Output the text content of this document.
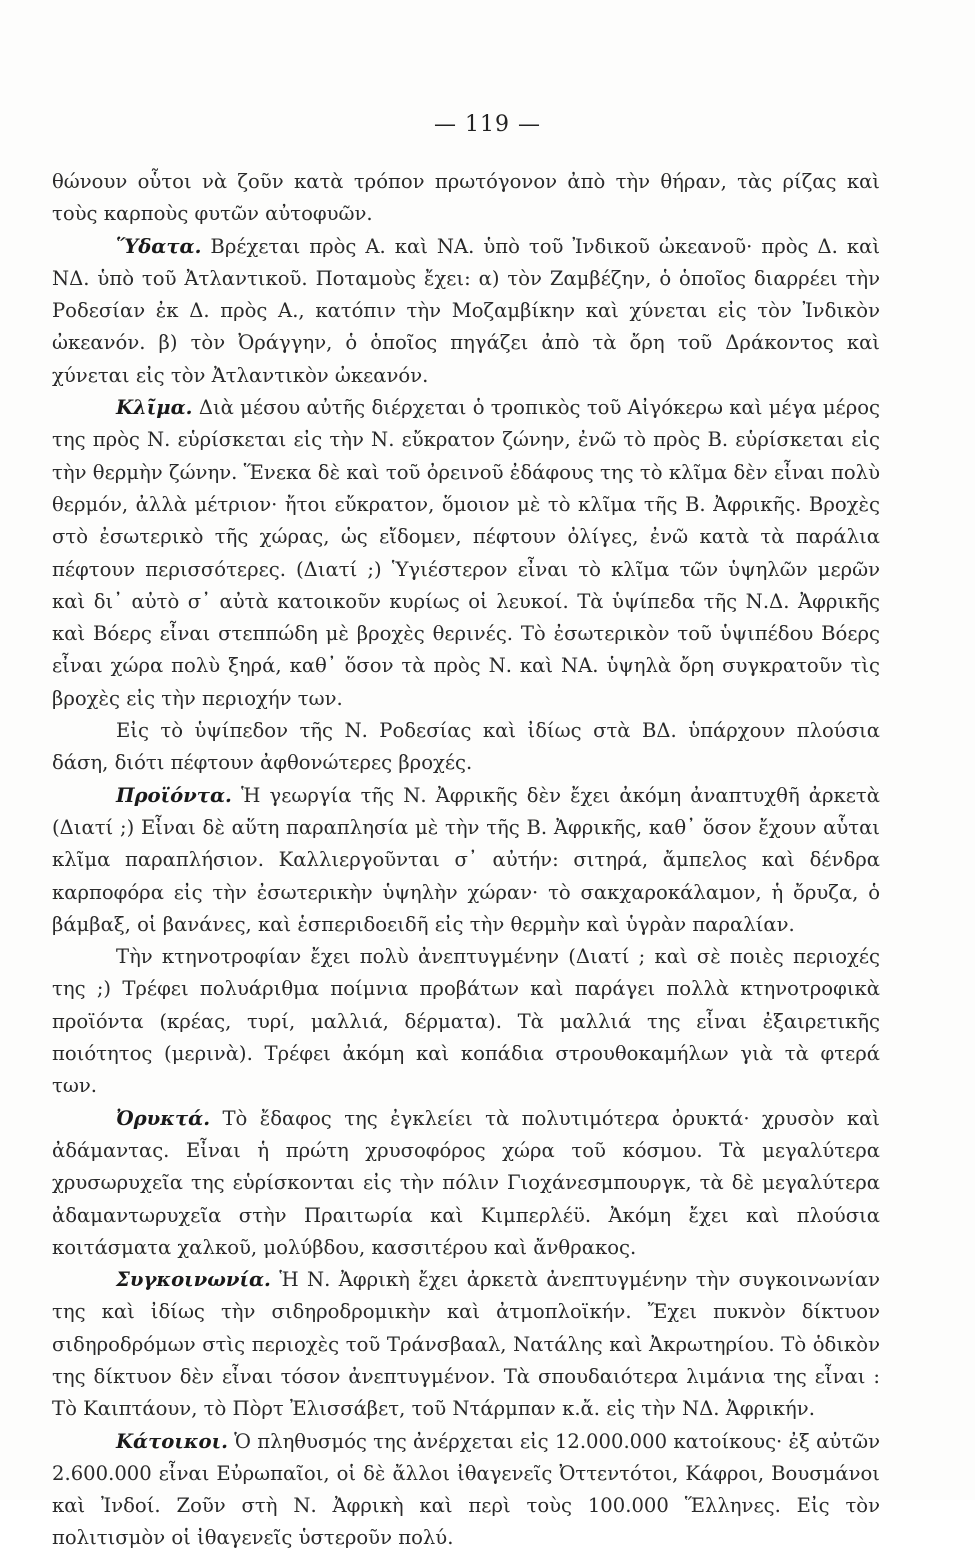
— 119 —

θώνουν οὗτοι νὰ ζοῦν κατὰ τρόπον πρωτόγονον ἀπὸ τὴν θήραν, τὰς ρίζας καὶ τοὺς καρποὺς φυτῶν αὐτοφυῶν.

Ὕδατα. Βρέχεται πρὸς Α. καὶ ΝΑ. ὑπὸ τοῦ Ἰνδικοῦ ὠκεανοῦ· πρὸς Δ. καὶ ΝΔ. ὑπὸ τοῦ Ἀτλαντικοῦ. Ποταμοὺς ἔχει: α) τὸν Ζαμβέζην, ὁ ὁποῖος διαρρέει τὴν Ροδεσίαν ἐκ Δ. πρὸς Α., κατόπιν τὴν Μοζαμβίκην καὶ χύνεται εἰς τὸν Ἰνδικὸν ὠκεανόν. β) τὸν Ὀράγγην, ὁ ὁποῖος πηγάζει ἀπὸ τὰ ὄρη τοῦ Δράκοντος καὶ χύνεται εἰς τὸν Ἀτλαντικὸν ὠκεανόν.

Κλῖμα. Διὰ μέσου αὐτῆς διέρχεται ὁ τροπικὸς τοῦ Αἰγόκερω καὶ μέγα μέρος της πρὸς Ν. εὑρίσκεται εἰς τὴν Ν. εὔκρατον ζώνην, ἐνῶ τὸ πρὸς Β. εὑρίσκεται εἰς τὴν θερμὴν ζώνην. Ἕνεκα δὲ καὶ τοῦ ὀρεινοῦ ἐδάφους της τὸ κλῖμα δὲν εἶναι πολὺ θερμόν, ἀλλὰ μέτριον· ἤτοι εὔκρατον, ὅμοιον μὲ τὸ κλῖμα τῆς Β. Ἀφρικῆς. Βροχὲς στὸ ἐσωτερικὸ τῆς χώρας, ὡς εἴδομεν, πέφτουν ὀλίγες, ἐνῶ κατὰ τὰ παράλια πέφτουν περισσότερες. (Διατί ;) Ὑγιέστερον εἶναι τὸ κλῖμα τῶν ὑψηλῶν μερῶν καὶ δι᾽ αὐτὸ σ᾽ αὐτὰ κατοικοῦν κυρίως οἱ λευκοί. Τὰ ὑψίπεδα τῆς Ν.Δ. Ἀφρικῆς καὶ Βόερς εἶναι στεππώδη μὲ βροχὲς θερινές. Τὸ ἐσωτερικὸν τοῦ ὑψιπέδου Βόερς εἶναι χώρα πολὺ ξηρά, καθ᾽ ὅσον τὰ πρὸς Ν. καὶ ΝΑ. ὑψηλὰ ὄρη συγκρατοῦν τὶς βροχὲς εἰς τὴν περιοχήν των.

Εἰς τὸ ὑψίπεδον τῆς Ν. Ροδεσίας καὶ ἰδίως στὰ ΒΔ. ὑπάρχουν πλούσια δάση, διότι πέφτουν ἀφθονώτερες βροχές.

Προϊόντα. Ἡ γεωργία τῆς Ν. Ἀφρικῆς δὲν ἔχει ἀκόμη ἀναπτυχθῆ ἀρκετὰ (Διατί ;) Εἶναι δὲ αὕτη παραπλησία μὲ τὴν τῆς Β. Ἀφρικῆς, καθ᾽ ὅσον ἔχουν αὗται κλῖμα παραπλήσιον. Καλλιεργοῦνται σ᾽ αὐτήν: σιτηρά, ἄμπελος καὶ δένδρα καρποφόρα εἰς τὴν ἐσωτερικὴν ὑψηλὴν χώραν· τὸ σακχαροκάλαμον, ἡ ὄρυζα, ὁ βάμβαξ, οἱ βανάνες, καὶ ἑσπεριδοειδῆ εἰς τὴν θερμὴν καὶ ὑγρὰν παραλίαν.

Τὴν κτηνοτροφίαν ἔχει πολὺ ἀνεπτυγμένην (Διατί ; καὶ σὲ ποιὲς περιοχές της ;) Τρέφει πολυάριθμα ποίμνια προβάτων καὶ παράγει πολλὰ κτηνοτροφικὰ προϊόντα (κρέας, τυρί, μαλλιά, δέρματα). Τὰ μαλλιά της εἶναι ἐξαιρετικῆς ποιότητος (μερινὰ). Τρέφει ἀκόμη καὶ κοπάδια στρουθοκαμήλων γιὰ τὰ φτερά των.

Ὀρυκτά. Τὸ ἔδαφος της ἐγκλείει τὰ πολυτιμότερα ὀρυκτά· χρυσὸν καὶ ἀδάμαντας. Εἶναι ἡ πρώτη χρυσοφόρος χώρα τοῦ κόσμου. Τὰ μεγαλύτερα χρυσωρυχεῖα της εὑρίσκονται εἰς τὴν πόλιν Γιοχάνεσμπουργκ, τὰ δὲ μεγαλύτερα ἀδαμαντωρυχεῖα στὴν Πραιτωρία καὶ Κιμπερλέϋ. Ἀκόμη ἔχει καὶ πλούσια κοιτάσματα χαλκοῦ, μολύβδου, κασσιτέρου καὶ ἄνθρακος.

Συγκοινωνία. Ἡ Ν. Ἀφρικὴ ἔχει ἀρκετὰ ἀνεπτυγμένην τὴν συγκοινωνίαν της καὶ ἰδίως τὴν σιδηροδρομικὴν καὶ ἀτμοπλοϊκήν. Ἔχει πυκνὸν δίκτυον σιδηροδρόμων στὶς περιοχὲς τοῦ Τράνσβααλ, Νατάλης καὶ Ἀκρωτηρίου. Τὸ ὁδικὸν της δίκτυον δὲν εἶναι τόσον ἀνεπτυγμένον. Τὰ σπουδαιότερα λιμάνια της εἶναι : Τὸ Καιπτάουν, τὸ Πὸρτ Ἐλισσάβετ, τοῦ Ντάρμπαν κ.ἄ. εἰς τὴν ΝΔ. Ἀφρικήν.

Κάτοικοι. Ὁ πληθυσμός της ἀνέρχεται εἰς 12.000.000 κατοίκους· ἐξ αὐτῶν 2.600.000 εἶναι Εὐρωπαῖοι, οἱ δὲ ἄλλοι ἰθαγενεῖς Ὀττεντότοι, Κάφροι, Βουσμάνοι καὶ Ἰνδοί. Ζοῦν στὴ Ν. Ἀφρικὴ καὶ περὶ τοὺς 100.000 Ἕλληνες. Εἰς τὸν πολιτισμὸν οἱ ἰθαγενεῖς ὑστεροῦν πολύ.
